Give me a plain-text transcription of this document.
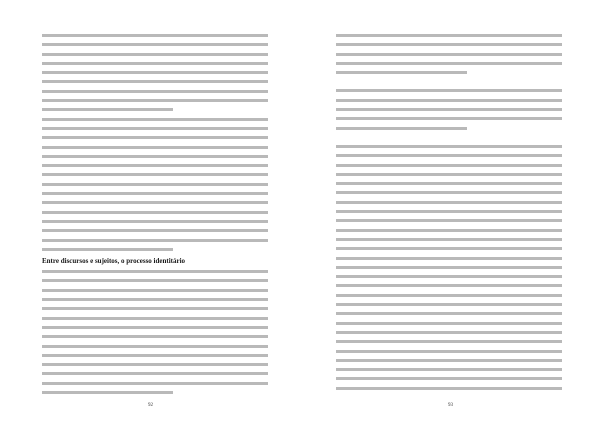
Entre discursos e sujeitos, o processo identitário
92	93
